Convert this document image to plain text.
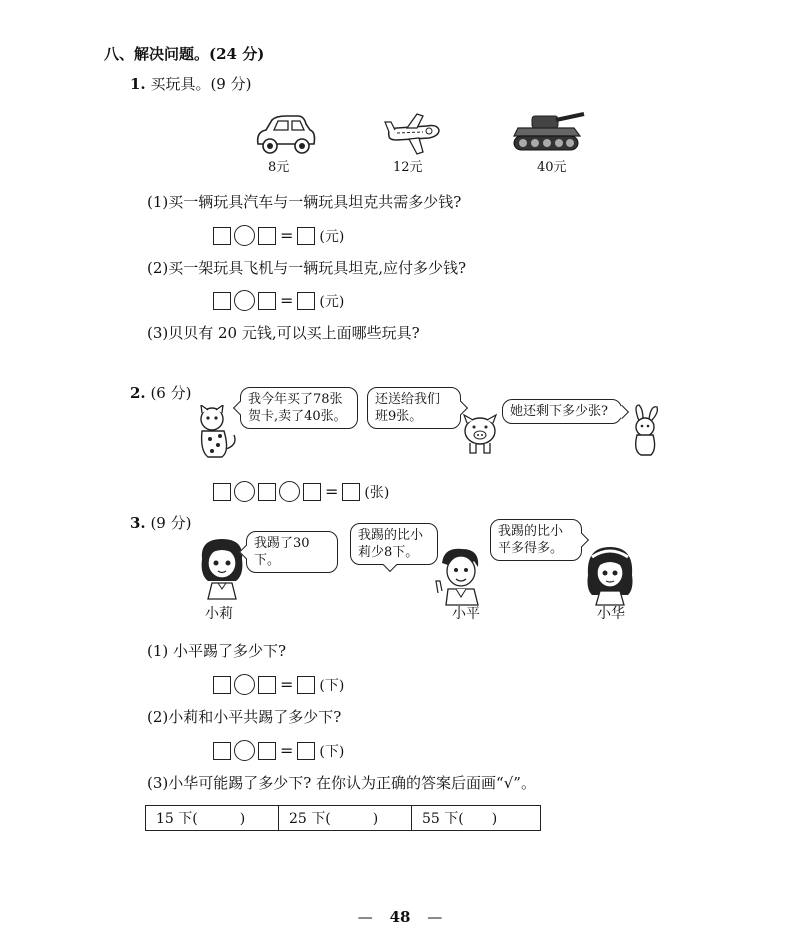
八、解决问题。(24 分)
1. 买玩具。(9 分)
8元	12元	40元
(1)买一辆玩具汽车与一辆玩具坦克共需多少钱?
= (元)
(2)买一架玩具飞机与一辆玩具坦克,应付多少钱?
= (元)
(3)贝贝有 20 元钱,可以买上面哪些玩具?
2. (6 分)	我今年买了78张
贺卡,卖了40张。
还送给我们
班9张。	她还剩下多少张?
= (张)
3. (9 分)
我踢了30下。
我踢的比小
莉少8下。
我踢的比小
平多得多。
小莉	小平	小华
(1) 小平踢了多少下?
= (下)
(2)小莉和小平共踢了多少下?
= (下)
(3)小华可能踢了多少下? 在你认为正确的答案后面画“√”。
15 下(　　　)	25 下(　　　)	55 下(　　)
— 48 —
